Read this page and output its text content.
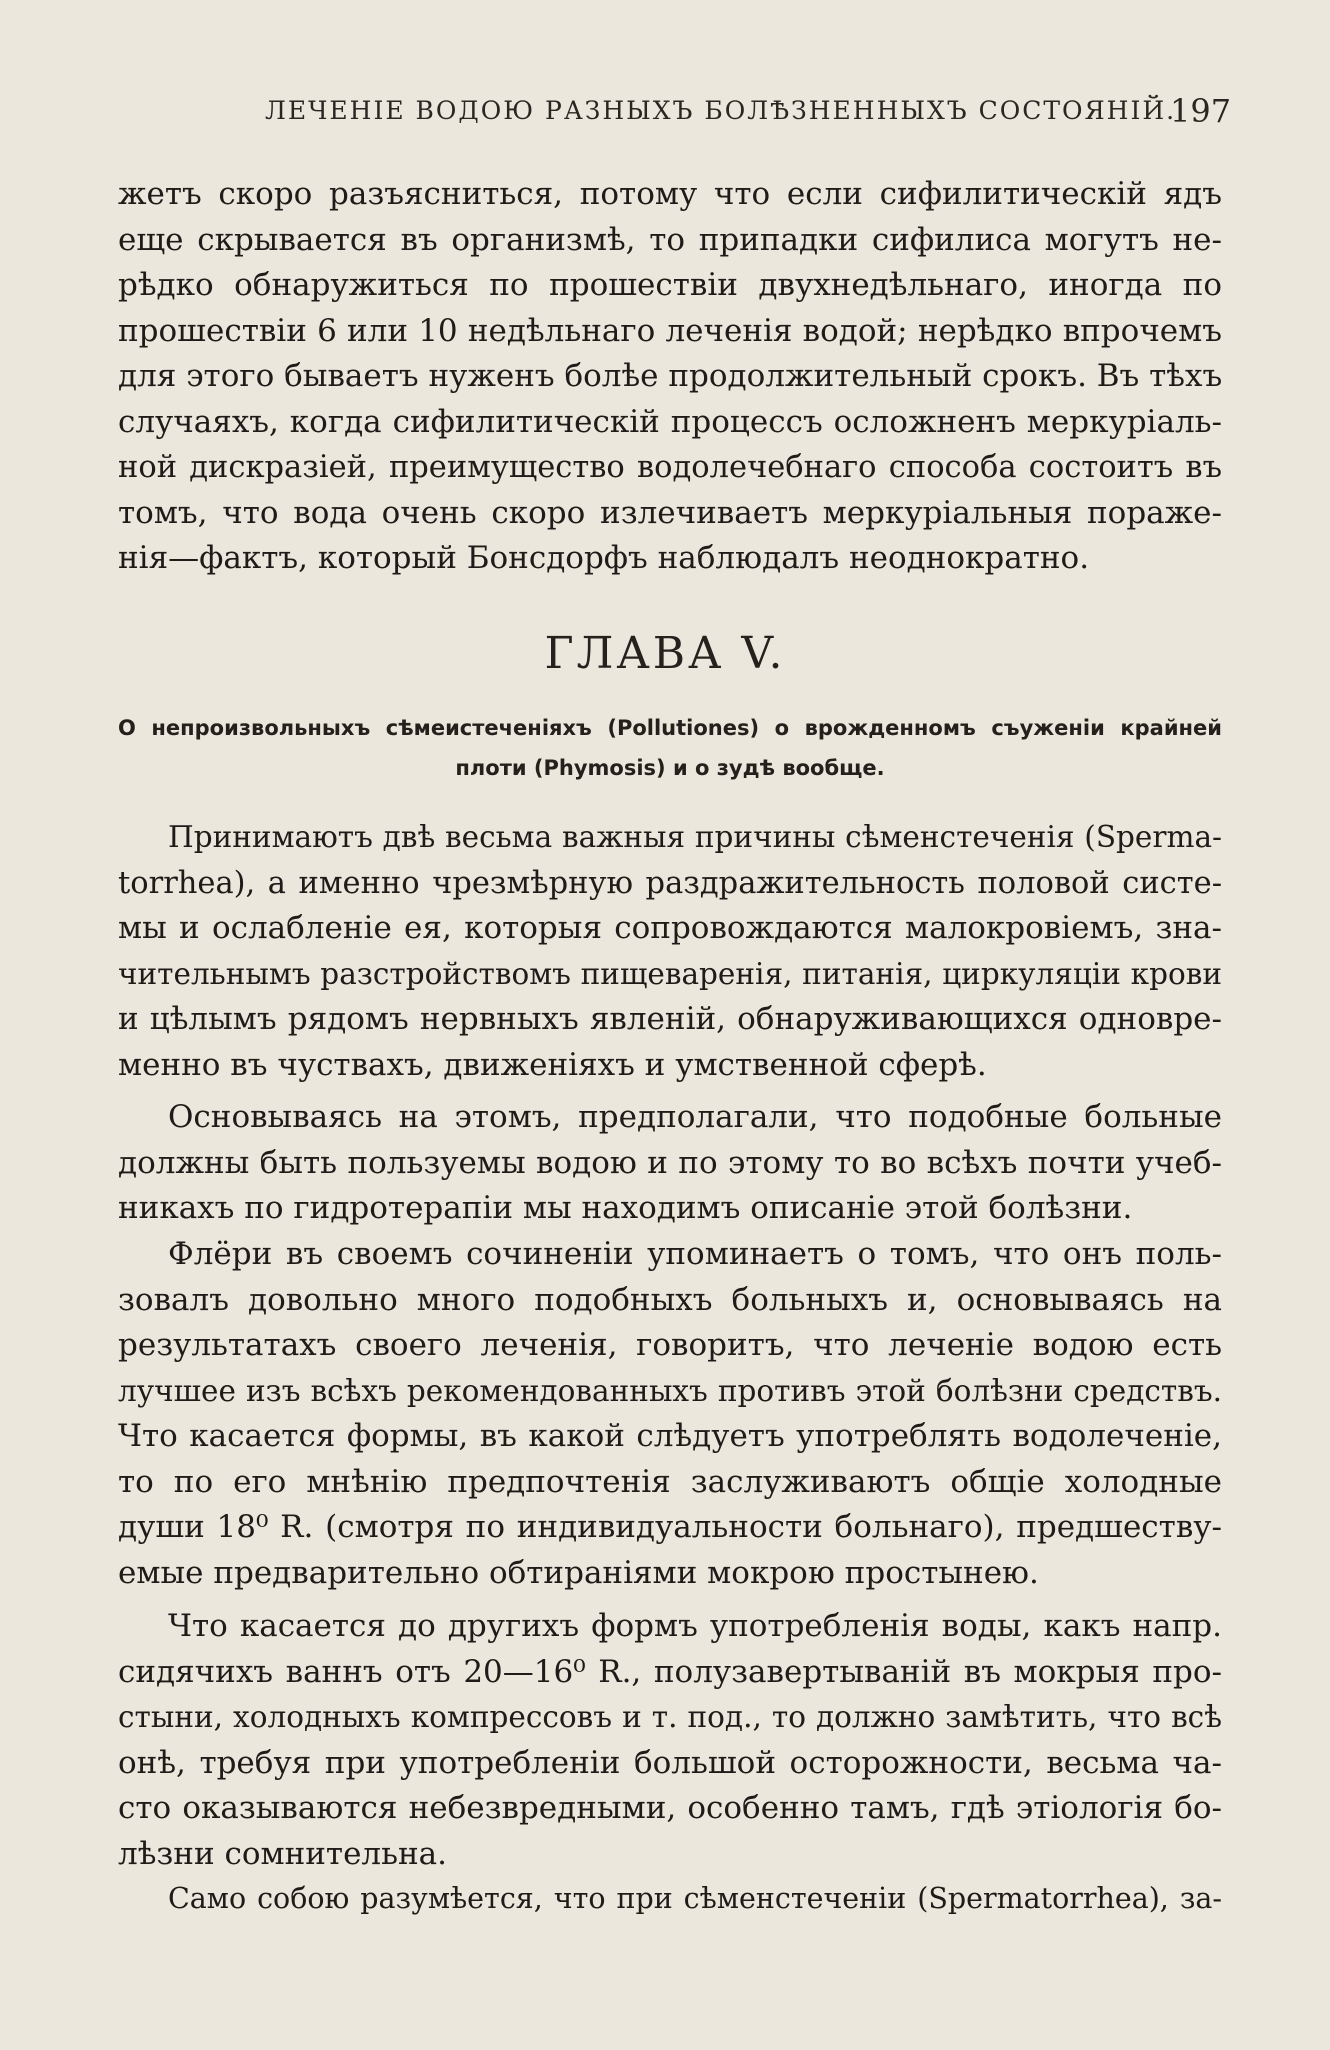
ЛЕЧЕНІЕ ВОДОЮ РАЗНЫХЪ БОЛѢЗНЕННЫХЪ СОСТОЯНІЙ.
197
жетъ скоро разъясниться, потому что если сифилитическій ядъ
еще скрывается въ организмѣ, то припадки сифилиса могутъ не-
рѣдко обнаружиться по прошествіи двухнедѣльнаго, иногда по
прошествіи 6 или 10 недѣльнаго леченія водой; нерѣдко впрочемъ
для этого бываетъ нуженъ болѣе продолжительный срокъ. Въ тѣхъ
случаяхъ, когда сифилитическій процессъ осложненъ меркуріаль-
ной дискразіей, преимущество водолечебнаго способа состоитъ въ
томъ, что вода очень скоро излечиваетъ меркуріальныя пораже-
нія—фактъ, который Бонсдорфъ наблюдалъ неоднократно.
ГЛАВА V.
О непроизвольныхъ сѣмеистеченіяхъ (Pollutiones) о врожденномъ съуженіи крайней
плоти (Phymosis) и о зудѣ вообще.
Принимаютъ двѣ весьма важныя причины сѣменстеченія (Sperma-
torrhea), а именно чрезмѣрную раздражительность половой систе-
мы и ослабленіе ея, которыя сопровождаются малокровіемъ, зна-
чительнымъ разстройствомъ пищеваренія, питанія, циркуляціи крови
и цѣлымъ рядомъ нервныхъ явленій, обнаруживающихся одновре-
менно въ чуствахъ, движеніяхъ и умственной сферѣ.
Основываясь на этомъ, предполагали, что подобные больные
должны быть пользуемы водою и по этому то во всѣхъ почти учеб-
никахъ по гидротерапіи мы находимъ описаніе этой болѣзни.
Флёри въ своемъ сочиненіи упоминаетъ о томъ, что онъ поль-
зовалъ довольно много подобныхъ больныхъ и, основываясь на
результатахъ своего леченія, говоритъ, что леченіе водою есть
лучшее изъ всѣхъ рекомендованныхъ противъ этой болѣзни средствъ.
Что касается формы, въ какой слѣдуетъ употреблять водолеченіе,
то по его мнѣнію предпочтенія заслуживаютъ общіе холодные
души 18⁰ R. (смотря по индивидуальности больнаго), предшеству-
емые предварительно обтираніями мокрою простынею.
Что касается до другихъ формъ употребленія воды, какъ напр.
сидячихъ ваннъ отъ 20—16⁰ R., полузавертываній въ мокрыя про-
стыни, холодныхъ компрессовъ и т. под., то должно замѣтить, что всѣ
онѣ, требуя при употребленіи большой осторожности, весьма ча-
сто оказываются небезвредными, особенно тамъ, гдѣ этіологія бо-
лѣзни сомнительна.
Само собою разумѣется, что при сѣменстеченіи (Spermatorrhea), за-
